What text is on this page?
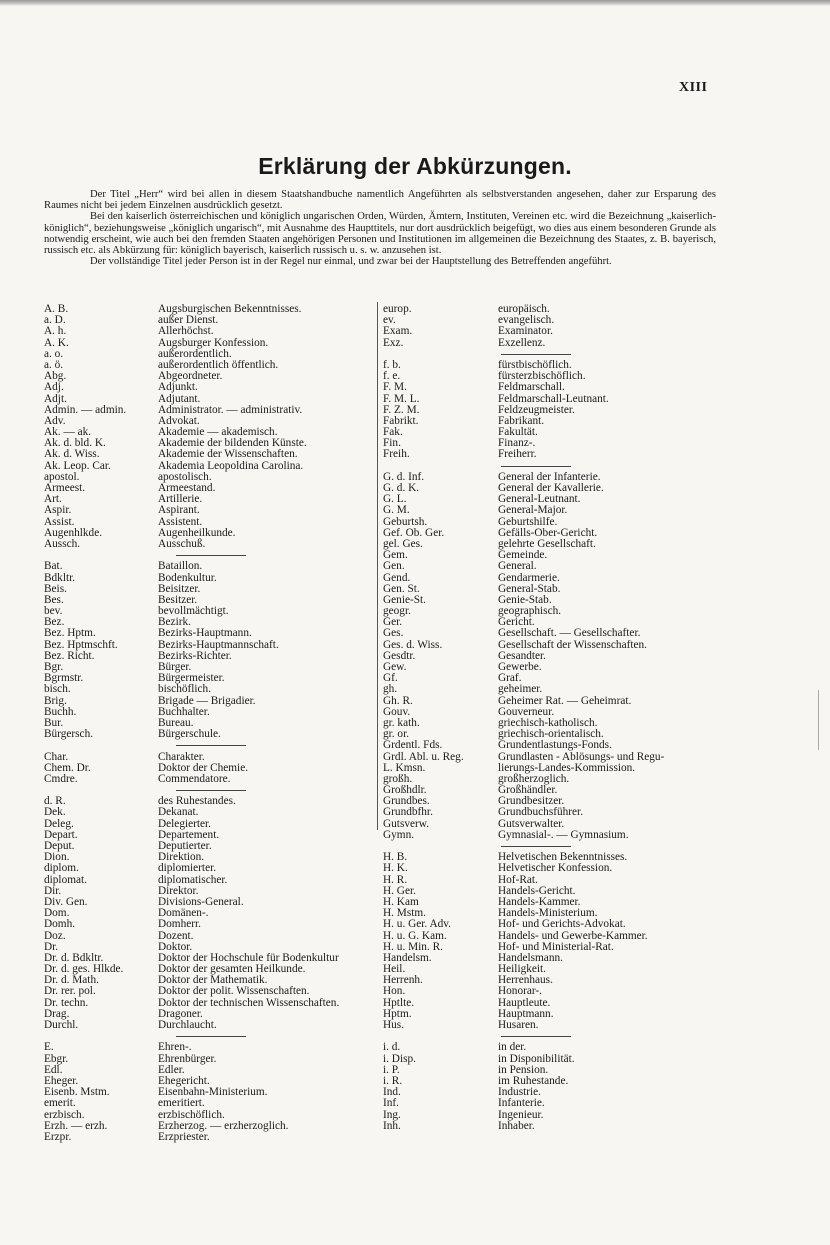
XIII
Erklärung der Abkürzungen.

Der Titel „Herr“ wird bei allen in diesem Staatshandbuche namentlich Angeführten als selbstverstanden angesehen, daher zur Ersparung des Raumes nicht bei jedem Einzelnen ausdrücklich gesetzt.

Bei den kaiserlich österreichischen und königlich ungarischen Orden, Würden, Ämtern, Instituten, Vereinen etc. wird die Bezeichnung „kaiserlich-königlich“, beziehungsweise „königlich ungarisch“, mit Ausnahme des Haupttitels, nur dort ausdrücklich beigefügt, wo dies aus einem besonderen Grunde als notwendig erscheint, wie auch bei den fremden Staaten angehörigen Personen und Institutionen im allgemeinen die Bezeichnung des Staates, z. B. bayerisch, russisch etc. als Abkürzung für: königlich bayerisch, kaiserlich russisch u. s. w. anzusehen ist.

Der vollständige Titel jeder Person ist in der Regel nur einmal, und zwar bei der Hauptstellung des Betreffenden angeführt.

A. B.	Augsburgischen Bekenntnisses.
a. D.	außer Dienst.
A. h.	Allerhöchst.
A. K.	Augsburger Konfession.
a. o.	außerordentlich.
a. ö.	außerordentlich öffentlich.
Abg.	Abgeordneter.
Adj.	Adjunkt.
Adjt.	Adjutant.
Admin. — admin.	Administrator. — administrativ.
Adv.	Advokat.
Ak. — ak.	Akademie — akademisch.
Ak. d. bld. K.	Akademie der bildenden Künste.
Ak. d. Wiss.	Akademie der Wissenschaften.
Ak. Leop. Car.	Akademia Leopoldina Carolina.
apostol.	apostolisch.
Armeest.	Armeestand.
Art.	Artillerie.
Aspir.	Aspirant.
Assist.	Assistent.
Augenhlkde.	Augenheilkunde.
Aussch.	Ausschuß.
Bat.	Bataillon.
Bdkltr.	Bodenkultur.
Beis.	Beisitzer.
Bes.	Besitzer.
bev.	bevollmächtigt.
Bez.	Bezirk.
Bez. Hptm.	Bezirks-Hauptmann.
Bez. Hptmschft.	Bezirks-Hauptmannschaft.
Bez. Richt.	Bezirks-Richter.
Bgr.	Bürger.
Bgrmstr.	Bürgermeister.
bisch.	bischöflich.
Brig.	Brigade — Brigadier.
Buchh.	Buchhalter.
Bur.	Bureau.
Bürgersch.	Bürgerschule.
Char.	Charakter.
Chem. Dr.	Doktor der Chemie.
Cmdre.	Commendatore.
d. R.	des Ruhestandes.
Dek.	Dekanat.
Deleg.	Delegierter.
Depart.	Departement.
Deput.	Deputierter.
Dion.	Direktion.
diplom.	diplomierter.
diplomat.	diplomatischer.
Dir.	Direktor.
Div. Gen.	Divisions-General.
Dom.	Domänen-.
Domh.	Domherr.
Doz.	Dozent.
Dr.	Doktor.
Dr. d. Bdkltr.	Doktor der Hochschule für Bodenkultur
Dr. d. ges. Hlkde.	Doktor der gesamten Heilkunde.
Dr. d. Math.	Doktor der Mathematik.
Dr. rer. pol.	Doktor der polit. Wissenschaften.
Dr. techn.	Doktor der technischen Wissenschaften.
Drag.	Dragoner.
Durchl.	Durchlaucht.
E.	Ehren-.
Ebgr.	Ehrenbürger.
Edl.	Edler.
Eheger.	Ehegericht.
Eisenb. Mstm.	Eisenbahn-Ministerium.
emerit.	emeritiert.
erzbisch.	erzbischöflich.
Erzh. — erzh.	Erzherzog. — erzherzoglich.
Erzpr.	Erzpriester.
europ.	europäisch.
ev.	evangelisch.
Exam.	Examinator.
Exz.	Exzellenz.
f. b.	fürstbischöflich.
f. e.	fürsterzbischöflich.
F. M.	Feldmarschall.
F. M. L.	Feldmarschall-Leutnant.
F. Z. M.	Feldzeugmeister.
Fabrikt.	Fabrikant.
Fak.	Fakultät.
Fin.	Finanz-.
Freih.	Freiherr.
G. d. Inf.	General der Infanterie.
G. d. K.	General der Kavallerie.
G. L.	General-Leutnant.
G. M.	General-Major.
Geburtsh.	Geburtshilfe.
Gef. Ob. Ger.	Gefälls-Ober-Gericht.
gel. Ges.	gelehrte Gesellschaft.
Gem.	Gemeinde.
Gen.	General.
Gend.	Gendarmerie.
Gen. St.	General-Stab.
Genie-St.	Genie-Stab.
geogr.	geographisch.
Ger.	Gericht.
Ges.	Gesellschaft. — Gesellschafter.
Ges. d. Wiss.	Gesellschaft der Wissenschaften.
Gesdtr.	Gesandter.
Gew.	Gewerbe.
Gf.	Graf.
gh.	geheimer.
Gh. R.	Geheimer Rat. — Geheimrat.
Gouv.	Gouverneur.
gr. kath.	griechisch-katholisch.
gr. or.	griechisch-orientalisch.
Grdentl. Fds.	Grundentlastungs-Fonds.
Grdl. Abl. u. Reg.	Grundlasten - Ablösungs- und Regu-
L. Kmsn.	lierungs-Landes-Kommission.
großh.	großherzoglich.
Großhdlr.	Großhändler.
Grundbes.	Grundbesitzer.
Grundbfhr.	Grundbuchsführer.
Gutsverw.	Gutsverwalter.
Gymn.	Gymnasial-. — Gymnasium.
H. B.	Helvetischen Bekenntnisses.
H. K.	Helvetischer Konfession.
H. R.	Hof-Rat.
H. Ger.	Handels-Gericht.
H. Kam	Handels-Kammer.
H. Mstm.	Handels-Ministerium.
H. u. Ger. Adv.	Hof- und Gerichts-Advokat.
H. u. G. Kam.	Handels- und Gewerbe-Kammer.
H. u. Min. R.	Hof- und Ministerial-Rat.
Handelsm.	Handelsmann.
Heil.	Heiligkeit.
Herrenh.	Herrenhaus.
Hon.	Honorar-.
Hptlte.	Hauptleute.
Hptm.	Hauptmann.
Hus.	Husaren.
i. d.	in der.
i. Disp.	in Disponibilität.
i. P.	in Pension.
i. R.	im Ruhestande.
Ind.	Industrie.
Inf.	Infanterie.
Ing.	Ingenieur.
Inh.	Inhaber.
